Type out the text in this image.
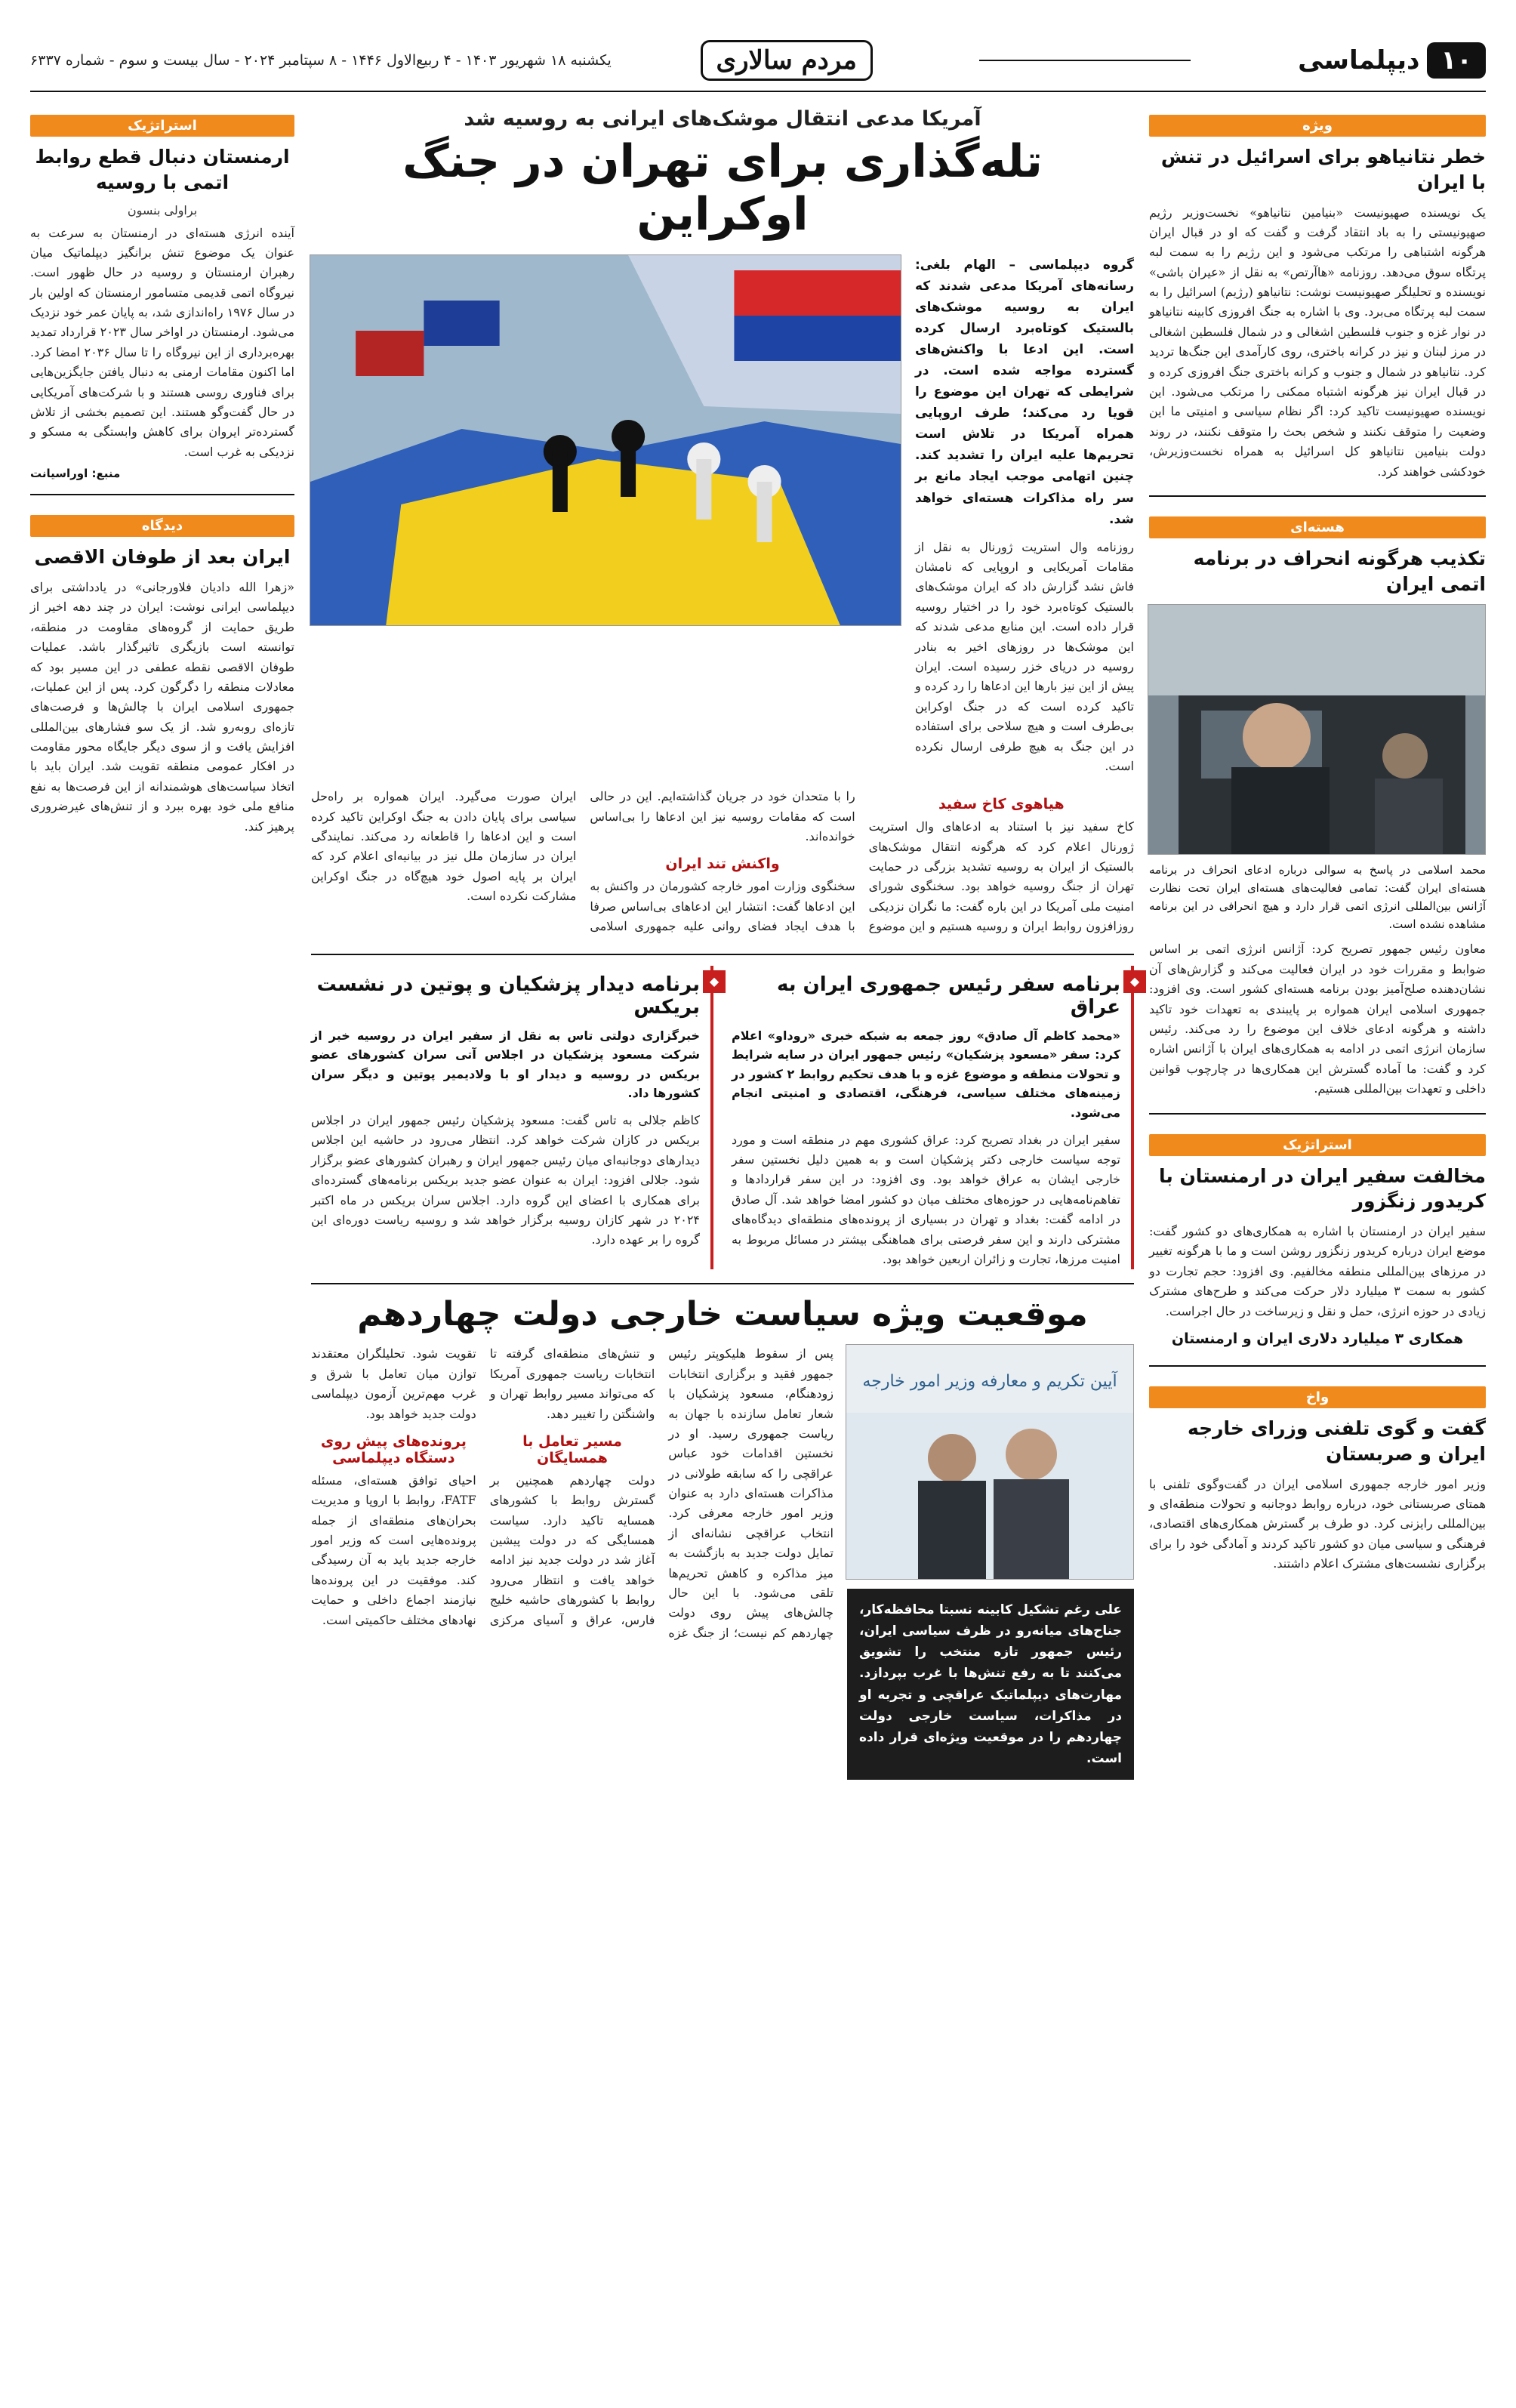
۱۰
دیپلماسی
مردم سالاری
یکشنبه ۱۸ شهریور ۱۴۰۳ - ۴ ربیع‌الاول ۱۴۴۶ - ۸ سپتامبر ۲۰۲۴ - سال بیست و سوم - شماره ۶۳۳۷
ویژه
خطر نتانیاهو برای اسرائیل در تنش با ایران
یک نویسنده صهیونیست «بنیامین نتانیاهو» نخست‌وزیر رژیم صهیونیستی را به باد انتقاد گرفت و گفت که او در قبال ایران هرگونه اشتباهی را مرتکب می‌شود و این رژیم را به سمت لبه پرتگاه سوق می‌دهد. روزنامه «هاآرتص» به نقل از «عیران باشی» نویسنده و تحلیلگر صهیونیست نوشت: نتانیاهو (رژیم) اسرائیل را به سمت لبه پرتگاه می‌برد. وی با اشاره به جنگ افروزی کابینه نتانیاهو در نوار غزه و جنوب فلسطین اشغالی و در شمال فلسطین اشغالی در مرز لبنان و نیز در کرانه باختری، روی کارآمدی این جنگ‌ها تردید کرد. نتانیاهو در شمال و جنوب و کرانه باختری جنگ افروزی کرده و در قبال ایران نیز هرگونه اشتباه ممکنی را مرتکب می‌شود. این نویسنده صهیونیست تاکید کرد: اگر نظام سیاسی و امنیتی ما این وضعیت را متوقف نکنند و شخص بحث را متوقف نکنند، در روند دولت بنیامین نتانیاهو کل اسرائیل به همراه نخست‌وزیرش، خودکشی خواهند کرد.
هسته‌ای
تکذیب هرگونه انحراف در برنامه اتمی ایران
محمد اسلامی در پاسخ به سوالی درباره ادعای انحراف در برنامه هسته‌ای ایران گفت: تمامی فعالیت‌های هسته‌ای ایران تحت نظارت آژانس بین‌المللی انرژی اتمی قرار دارد و هیچ انحرافی در این برنامه مشاهده نشده است.
معاون رئیس جمهور تصریح کرد: آژانس انرژی اتمی بر اساس ضوابط و مقررات خود در ایران فعالیت می‌کند و گزارش‌های آن نشان‌دهنده صلح‌آمیز بودن برنامه هسته‌ای کشور است. وی افزود: جمهوری اسلامی ایران همواره بر پایبندی به تعهدات خود تاکید داشته و هرگونه ادعای خلاف این موضوع را رد می‌کند. رئیس سازمان انرژی اتمی در ادامه به همکاری‌های ایران با آژانس اشاره کرد و گفت: ما آماده گسترش این همکاری‌ها در چارچوب قوانین داخلی و تعهدات بین‌المللی هستیم.
استراتژیک
مخالفت سفیر ایران در ارمنستان با کریدور زنگزور
سفیر ایران در ارمنستان با اشاره به همکاری‌های دو کشور گفت: موضع ایران درباره کریدور زنگزور روشن است و ما با هرگونه تغییر در مرزهای بین‌المللی منطقه مخالفیم. وی افزود: حجم تجارت دو کشور به سمت ۳ میلیارد دلار حرکت می‌کند و طرح‌های مشترک زیادی در حوزه انرژی، حمل و نقل و زیرساخت در حال اجراست.
همکاری ۳ میلیارد دلاری ایران و ارمنستان
واخ
گفت و گوی تلفنی وزرای خارجه ایران و صربستان
وزیر امور خارجه جمهوری اسلامی ایران در گفت‌وگوی تلفنی با همتای صربستانی خود، درباره روابط دوجانبه و تحولات منطقه‌ای و بین‌المللی رایزنی کرد. دو طرف بر گسترش همکاری‌های اقتصادی، فرهنگی و سیاسی میان دو کشور تاکید کردند و آمادگی خود را برای برگزاری نشست‌های مشترک اعلام داشتند.
استراتژیک
ارمنستان دنبال قطع روابط اتمی با روسیه
براولی بنسون
آینده انرژی هسته‌ای در ارمنستان به سرعت به عنوان یک موضوع تنش برانگیز دیپلماتیک میان رهبران ارمنستان و روسیه در حال ظهور است. نیروگاه اتمی قدیمی متسامور ارمنستان که اولین بار در سال ۱۹۷۶ راه‌اندازی شد، به پایان عمر خود نزدیک می‌شود. ارمنستان در اواخر سال ۲۰۲۳ قرارداد تمدید بهره‌برداری از این نیروگاه را تا سال ۲۰۳۶ امضا کرد. اما اکنون مقامات ارمنی به دنبال یافتن جایگزین‌هایی برای فناوری روسی هستند و با شرکت‌های آمریکایی در حال گفت‌وگو هستند. این تصمیم بخشی از تلاش گسترده‌تر ایروان برای کاهش وابستگی به مسکو و نزدیکی به غرب است.
منبع: اوراسیانت
دیدگاه
ایران بعد از طوفان الاقصی
«زهرا الله دادیان فلاورجانی» در یادداشتی برای دیپلماسی ایرانی نوشت: ایران در چند دهه اخیر از طریق حمایت از گروه‌های مقاومت در منطقه، توانسته است بازیگری تاثیرگذار باشد. عملیات طوفان الاقصی نقطه عطفی در این مسیر بود که معادلات منطقه را دگرگون کرد. پس از این عملیات، جمهوری اسلامی ایران با چالش‌ها و فرصت‌های تازه‌ای روبه‌رو شد. از یک سو فشارهای بین‌المللی افزایش یافت و از سوی دیگر جایگاه محور مقاومت در افکار عمومی منطقه تقویت شد. ایران باید با اتخاذ سیاست‌های هوشمندانه از این فرصت‌ها به نفع منافع ملی خود بهره ببرد و از تنش‌های غیرضروری پرهیز کند.
آمریکا مدعی انتقال موشک‌های ایرانی به روسیه شد
تله‌گذاری برای تهران در جنگ اوکراین
گروه دیپلماسی – الهام بلغی: رسانه‌های آمریکا مدعی شدند که ایران به روسیه موشک‌های بالستیک کوتاه‌برد ارسال کرده است. این ادعا با واکنش‌های گسترده مواجه شده است. در شرایطی که تهران این موضوع را قویا رد می‌کند؛ طرف اروپایی همراه آمریکا در تلاش است تحریم‌ها علیه ایران را تشدید کند. چنین اتهامی موجب ایجاد مانع بر سر راه مذاکرات هسته‌ای خواهد شد.
روزنامه وال استریت ژورنال به نقل از مقامات آمریکایی و اروپایی که نامشان فاش نشد گزارش داد که ایران موشک‌های بالستیک کوتاه‌برد خود را در اختیار روسیه قرار داده است. این منابع مدعی شدند که این موشک‌ها در روزهای اخیر به بنادر روسیه در دریای خزر رسیده است. ایران پیش از این نیز بارها این ادعاها را رد کرده و تاکید کرده است که در جنگ اوکراین بی‌طرف است و هیچ سلاحی برای استفاده در این جنگ به هیچ طرفی ارسال نکرده است.
هیاهوی کاخ سفید
کاخ سفید نیز با استناد به ادعاهای وال استریت ژورنال اعلام کرد که هرگونه انتقال موشک‌های بالستیک از ایران به روسیه تشدید بزرگی در حمایت تهران از جنگ روسیه خواهد بود. سخنگوی شورای امنیت ملی آمریکا در این باره گفت: ما نگران نزدیکی روزافزون روابط ایران و روسیه هستیم و این موضوع را با متحدان خود در جریان گذاشته‌ایم. این در حالی است که مقامات روسیه نیز این ادعاها را بی‌اساس خوانده‌اند.
واکنش تند ایران
سخنگوی وزارت امور خارجه کشورمان در واکنش به این ادعاها گفت: انتشار این ادعاهای بی‌اساس صرفا با هدف ایجاد فضای روانی علیه جمهوری اسلامی ایران صورت می‌گیرد. ایران همواره بر راه‌حل سیاسی برای پایان دادن به جنگ اوکراین تاکید کرده است و این ادعاها را قاطعانه رد می‌کند. نمایندگی ایران در سازمان ملل نیز در بیانیه‌ای اعلام کرد که ایران بر پایه اصول خود هیچ‌گاه در جنگ اوکراین مشارکت نکرده است.
◆
برنامه سفر رئیس جمهوری ایران به عراق
«محمد کاظم آل صادق» روز جمعه به شبکه خبری «روداو» اعلام کرد: سفر «مسعود پزشکیان» رئیس جمهور ایران در سایه شرایط و تحولات منطقه و موضوع غزه و با هدف تحکیم روابط ۲ کشور در زمینه‌های مختلف سیاسی، فرهنگی، اقتصادی و امنیتی انجام می‌شود.
سفیر ایران در بغداد تصریح کرد: عراق کشوری مهم در منطقه است و مورد توجه سیاست خارجی دکتر پزشکیان است و به همین دلیل نخستین سفر خارجی ایشان به عراق خواهد بود. وی افزود: در این سفر قراردادها و تفاهم‌نامه‌هایی در حوزه‌های مختلف میان دو کشور امضا خواهد شد. آل صادق در ادامه گفت: بغداد و تهران در بسیاری از پرونده‌های منطقه‌ای دیدگاه‌های مشترکی دارند و این سفر فرصتی برای هماهنگی بیشتر در مسائل مربوط به امنیت مرزها، تجارت و زائران اربعین خواهد بود.
◆
برنامه دیدار پزشکیان و پوتین در نشست بریکس
خبرگزاری دولتی تاس به نقل از سفیر ایران در روسیه خبر از شرکت مسعود پزشکیان در اجلاس آتی سران کشورهای عضو بریکس در روسیه و دیدار او با ولادیمیر پوتین و دیگر سران کشورها داد.
کاظم جلالی به تاس گفت: مسعود پزشکیان رئیس جمهور ایران در اجلاس بریکس در کازان شرکت خواهد کرد. انتظار می‌رود در حاشیه این اجلاس دیدارهای دوجانبه‌ای میان رئیس جمهور ایران و رهبران کشورهای عضو برگزار شود. جلالی افزود: ایران به عنوان عضو جدید بریکس برنامه‌های گسترده‌ای برای همکاری با اعضای این گروه دارد. اجلاس سران بریکس در ماه اکتبر ۲۰۲۴ در شهر کازان روسیه برگزار خواهد شد و روسیه ریاست دوره‌ای این گروه را بر عهده دارد.
موقعیت ویژه سیاست خارجی دولت چهاردهم
آیین تکریم و معارفه وزیر امور خارجه
علی رغم تشکیل کابینه نسبتا محافظه‌کار، جناح‌های میانه‌رو در ظرف سیاسی ایران، رئیس جمهور تازه منتخب را تشویق می‌کنند تا به رفع تنش‌ها با غرب بپردازد. مهارت‌های دیپلماتیک عراقچی و تجربه او در مذاکرات، سیاست خارجی دولت چهاردهم را در موقعیت ویژه‌ای قرار داده است.
پس از سقوط هلیکوپتر رئیس جمهور فقید و برگزاری انتخابات زودهنگام، مسعود پزشکیان با شعار تعامل سازنده با جهان به ریاست جمهوری رسید. او در نخستین اقدامات خود عباس عراقچی را که سابقه طولانی در مذاکرات هسته‌ای دارد به عنوان وزیر امور خارجه معرفی کرد. انتخاب عراقچی نشانه‌ای از تمایل دولت جدید به بازگشت به میز مذاکره و کاهش تحریم‌ها تلقی می‌شود. با این حال چالش‌های پیش روی دولت چهاردهم کم نیست؛ از جنگ غزه و تنش‌های منطقه‌ای گرفته تا انتخابات ریاست جمهوری آمریکا که می‌تواند مسیر روابط تهران و واشنگتن را تغییر دهد.
مسیر تعامل با همسایگان
دولت چهاردهم همچنین بر گسترش روابط با کشورهای همسایه تاکید دارد. سیاست همسایگی که در دولت پیشین آغاز شد در دولت جدید نیز ادامه خواهد یافت و انتظار می‌رود روابط با کشورهای حاشیه خلیج فارس، عراق و آسیای مرکزی تقویت شود. تحلیلگران معتقدند توازن میان تعامل با شرق و غرب مهم‌ترین آزمون دیپلماسی دولت جدید خواهد بود.
پرونده‌های پیش روی دستگاه دیپلماسی
احیای توافق هسته‌ای، مسئله FATF، روابط با اروپا و مدیریت بحران‌های منطقه‌ای از جمله پرونده‌هایی است که وزیر امور خارجه جدید باید به آن رسیدگی کند. موفقیت در این پرونده‌ها نیازمند اجماع داخلی و حمایت نهادهای مختلف حاکمیتی است.
